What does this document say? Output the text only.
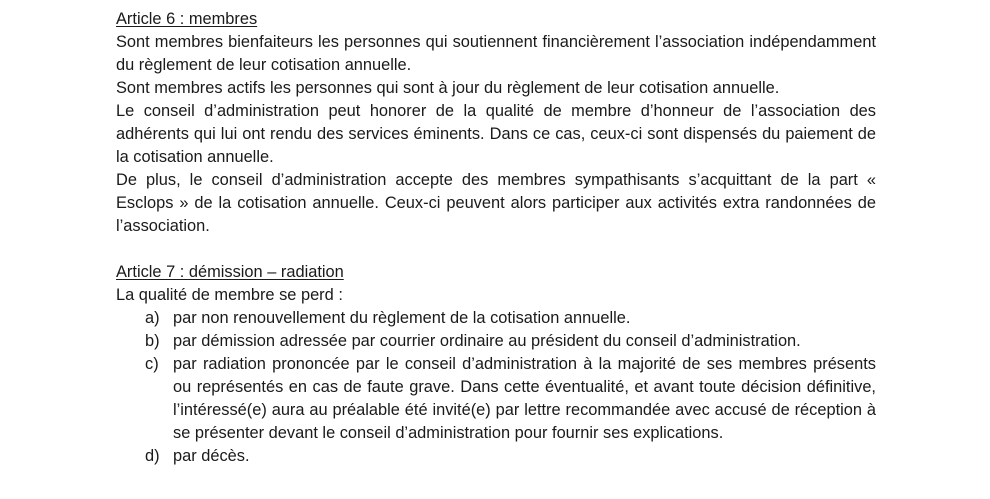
Article 6 : membres
Sont membres bienfaiteurs les personnes qui soutiennent financièrement l’association indépendamment du règlement de leur cotisation annuelle.
Sont membres actifs les personnes qui sont à jour du règlement de leur cotisation annuelle.
Le conseil d’administration peut honorer de la qualité de membre d’honneur de l’association des adhérents qui lui ont rendu des services éminents. Dans ce cas, ceux-ci sont dispensés du paiement de la cotisation annuelle.
De plus, le conseil d’administration accepte des membres sympathisants s’acquittant de la part « Esclops » de la cotisation annuelle. Ceux-ci peuvent alors participer aux activités extra randonnées de l’association.
Article 7 : démission – radiation
La qualité de membre se perd :
a) par non renouvellement du règlement de la cotisation annuelle.
b) par démission adressée par courrier ordinaire au président du conseil d’administration.
c) par radiation prononcée par le conseil d’administration à la majorité de ses membres présents ou représentés en cas de faute grave. Dans cette éventualité, et avant toute décision définitive, l’intéressé(e) aura au préalable été invité(e) par lettre recommandée avec accusé de réception à se présenter devant le conseil d’administration pour fournir ses explications.
d) par décès.
